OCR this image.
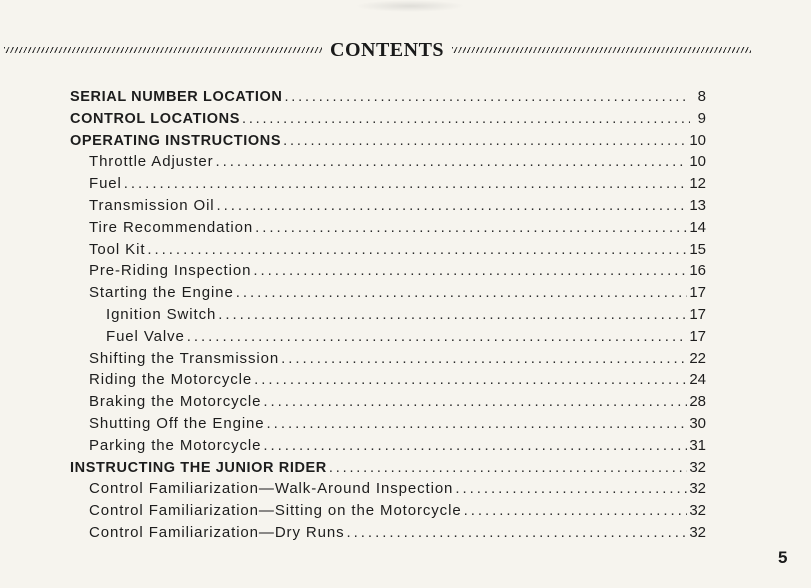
CONTENTS
SERIAL NUMBER LOCATION . . .	8
CONTROL LOCATIONS . . .	9
OPERATING INSTRUCTIONS . . .	10
Throttle Adjuster . . .	10
Fuel . . .	12
Transmission Oil . . .	13
Tire Recommendation . . .	14
Tool Kit . . .	15
Pre-Riding Inspection . . .	16
Starting the Engine . . .	17
Ignition Switch . . .	17
Fuel Valve . . .	17
Shifting the Transmission . . .	22
Riding the Motorcycle . . .	24
Braking the Motorcycle . . .	28
Shutting Off the Engine . . .	30
Parking the Motorcycle . . .	31
INSTRUCTING THE JUNIOR RIDER . . .	32
Control Familiarization—Walk-Around Inspection . . .	32
Control Familiarization—Sitting on the Motorcycle . . .	32
Control Familiarization—Dry Runs . . .	32
5
